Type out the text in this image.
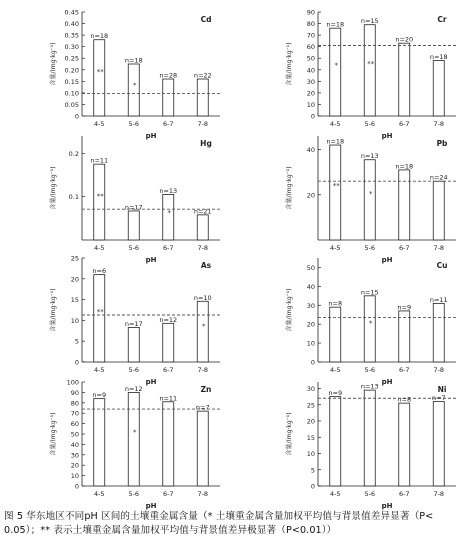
0
0.05
0.10
0.15
0.20
0.25
0.30
0.35
0.40
0.45
含量/(mg·kg⁻¹)
n=18
**
4-5
n=18
*
5-6
n=28
6-7
n=22
7-8
Cd
pH
0
10
20
30
40
50
60
70
80
90
含量/(mg·kg⁻¹)
n=18
*
4-5
n=15
**
5-6
n=20
6-7
n=18
7-8
Cr
pH
0.1
0.2
含量/(mg·kg⁻¹)
n=11
**
4-5
n=17
5-6
n=13
*
6-7
n=21
7-8
Hg
pH
20
40
含量/(mg·kg⁻¹)
n=18
**
4-5
n=13
*
5-6
n=18
6-7
n=24
7-8
Pb
pH
0
5
10
15
20
25
含量/(mg·kg⁻¹)
n=6
**
4-5
n=17
5-6
n=12
6-7
n=10
*
7-8
As
pH
0
10
20
30
40
50
含量/(mg·kg⁻¹)	n=8
4-5
n=15
*
5-6
n=9
6-7
n=11
7-8
Cu
pH
0
10
20
30
40
50
60
70
80
90
100
含量/(mg·kg⁻¹)
n=9
4-5
n=12
*
5-6
n=11
6-7
n=7
7-8
Zn
pH
0
5
10
15
20
25
30
含量/(mg·kg⁻¹)
n=9
4-5
n=13
5-6
n=8
6-7
n=7
7-8
Ni
pH
图 5 华东地区不同pH 区间的土壤重金属含量（* 土壤重金属含量加权平均值与背景值差异显著（P<
0.05）；** 表示土壤重金属含量加权平均值与背景值差异极显著（P<0.01））
